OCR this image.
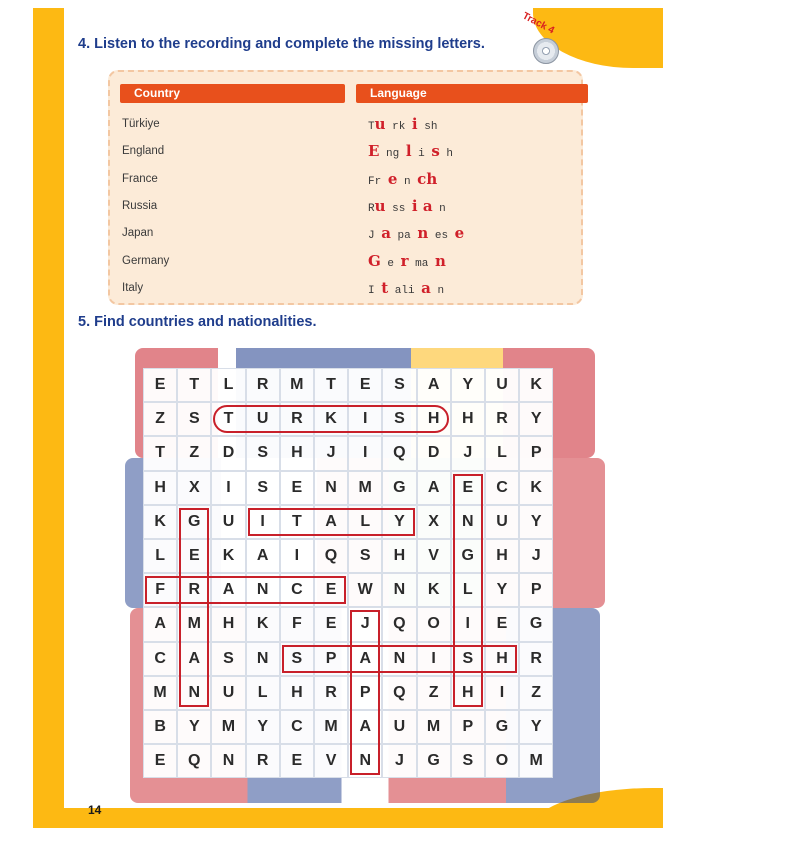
4. Listen to the recording and complete the missing letters.
Track 4
Country	Language
Türkiye	Tu rk i sh
England	E ng l i s h
France	Fr e n ch
Russia	Ru ss i a n
Japan	J a pa n es e
Germany	G e r ma n
Italy	I t ali a n
5. Find countries and nationalities.
E	T	L	R	M	T	E	S	A	Y	U	K
Z	S	T	U	R	K	I	S	H	H	R	Y
T	Z	D	S	H	J	I	Q	D	J	L	P
H	X	I	S	E	N	M	G	A	E	C	K
K	G	U	I	T	A	L	Y	X	N	U	Y
L	E	K	A	I	Q	S	H	V	G	H	J
F	R	A	N	C	E	W	N	K	L	Y	P
A	M	H	K	F	E	J	Q	O	I	E	G
C	A	S	N	S	P	A	N	I	S	H	R
M	N	U	L	H	R	P	Q	Z	H	I	Z
B	Y	M	Y	C	M	A	U	M	P	G	Y
E	Q	N	R	E	V	N	J	G	S	O	M
14
